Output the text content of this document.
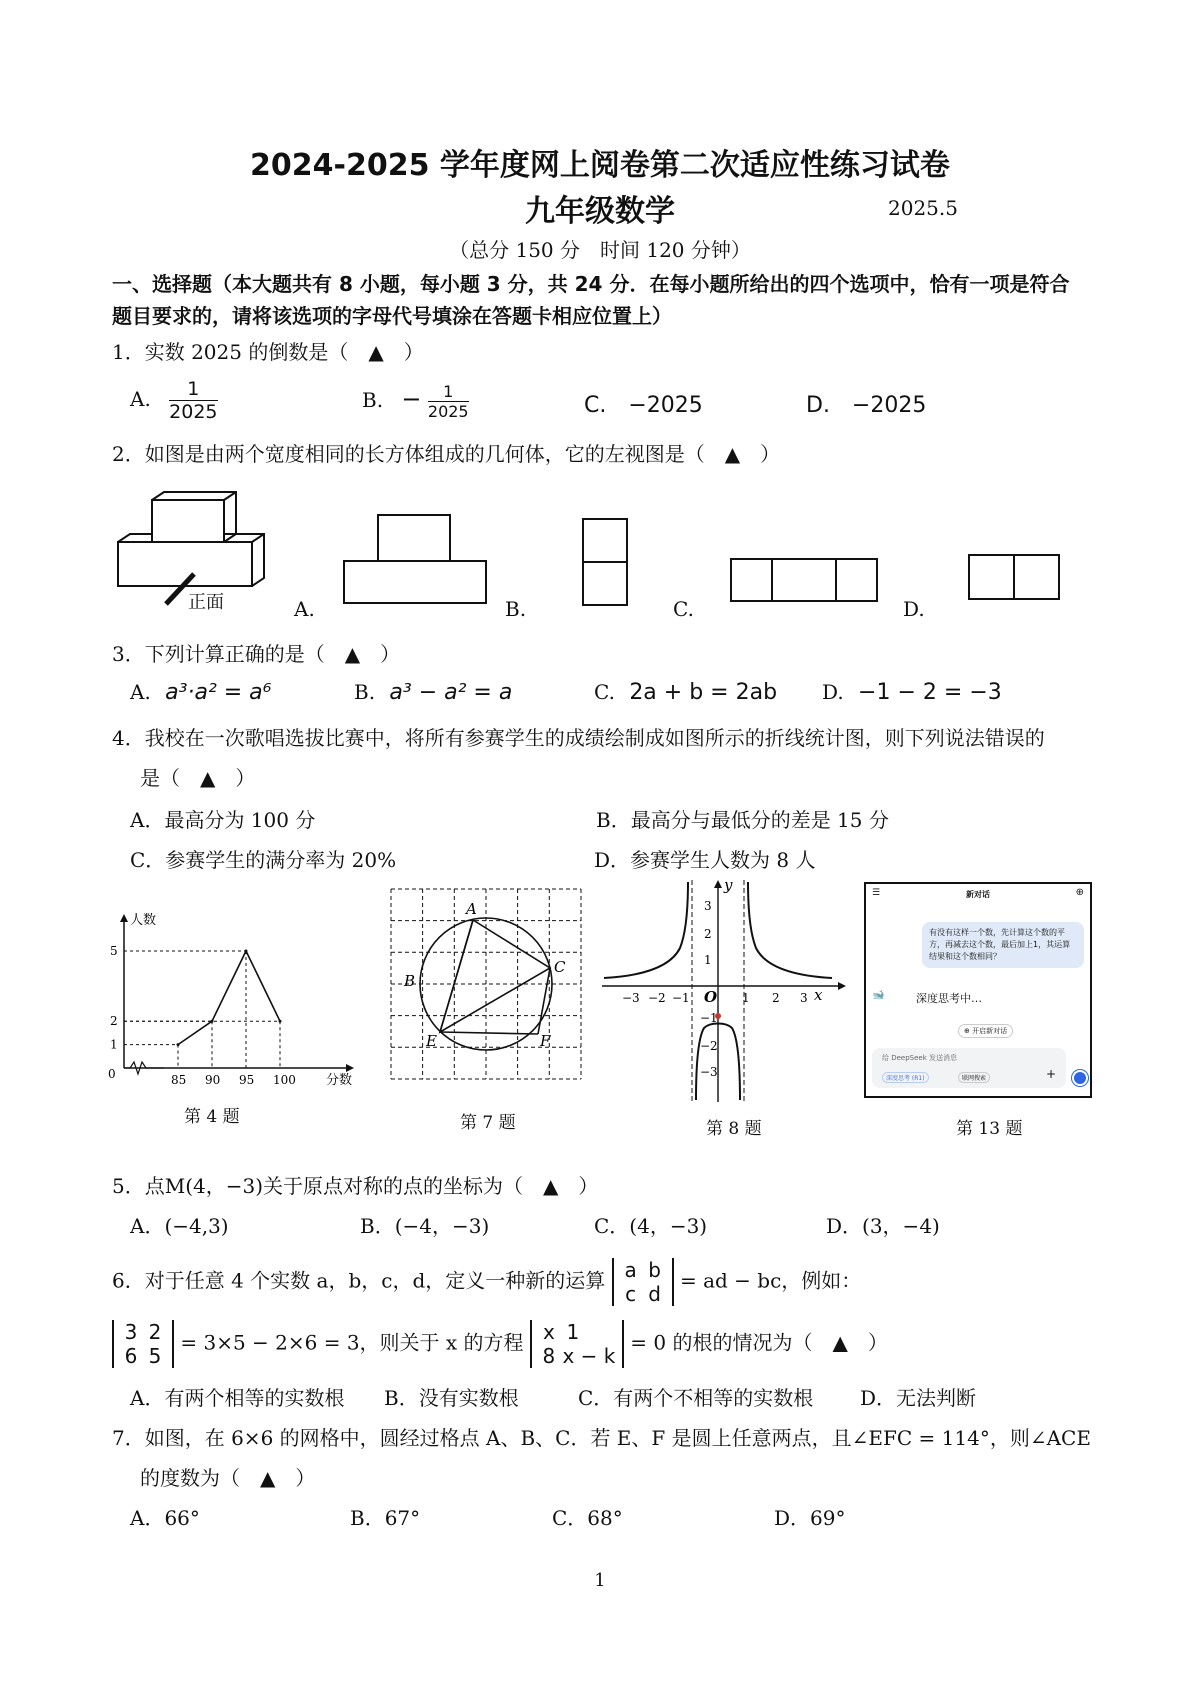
2024-2025 学年度网上阅卷第二次适应性练习试卷
九年级数学	2025.5
（总分 150 分　时间 120 分钟）
一、选择题（本大题共有 8 小题，每小题 3 分，共 24 分．在每小题所给出的四个选项中，恰有一项是符合
题目要求的，请将该选项的字母代号填涂在答题卡相应位置上）
1．实数 2025 的倒数是（　▲　）
A. $\frac{1}{2025}$	B. − $\frac{1}{2025}$	C.　−2025	D.　−2025
2．如图是由两个宽度相同的长方体组成的几何体，它的左视图是（　▲　）
正面	A.	B.	C.	D.
3．下列计算正确的是（　▲　）
A. a³·a² = a⁶	B. a³ − a² = a	C. 2a + b = 2ab D. −1 − 2 = −3
4．我校在一次歌唱选拔比赛中，将所有参赛学生的成绩绘制成如图所示的折线统计图，则下列说法错误的
是（　▲　）
A．最高分为 100 分	B．最高分与最低分的差是 15 分
C．参赛学生的满分率为 20%	D．参赛学生人数为 8 人
人数
分数
0	85 90 95 100
1
2
5
第 4 题
A
B
C
E	F
第 7 题
y
x
O
−3 −2 −1	1 2 3
3
2
1
−1
−2
−3
第 8 题
☰	新对话	⊕
有没有这样一个数，先计算这个数的平方，再减去这个数，最后加上1，其运算结果和这个数相同？
🐋	深度思考中…
⊕ 开启新对话
给 DeepSeek 发送消息
深度思考 (R1)	联网搜索	+
第 13 题
5．点M(4，−3)关于原点对称的点的坐标为（　▲　）
A．(−4,3)	B．(−4，−3)	C．(4，−3)	D．(3，−4)
6．对于任意 4 个实数 a，b，c，d，定义一种新的运算 a b
c d = ad − bc，例如：
3 2
6 5 = 3×5 − 2×6 = 3，则关于 x 的方程 x 1
8 x − k = 0 的根的情况为（　▲　）
A．有两个相等的实数根 B．没有实数根	C．有两个不相等的实数根 D．无法判断
7．如图，在 6×6 的网格中，圆经过格点 A、B、C．若 E、F 是圆上任意两点，且∠EFC = 114°，则∠ACE
的度数为（　▲　）
A．66°	B．67°	C．68°	D．69°
1
